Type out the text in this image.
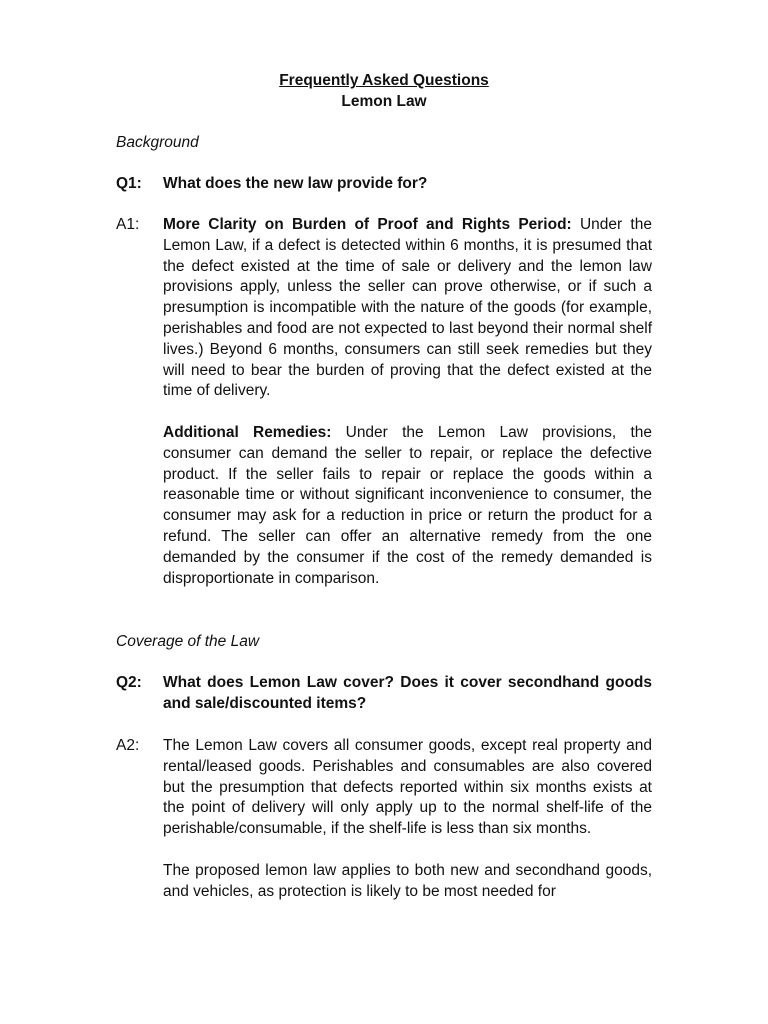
Frequently Asked Questions
Lemon Law
Background
Q1:	What does the new law provide for?
A1:	More Clarity on Burden of Proof and Rights Period: Under the Lemon Law, if a defect is detected within 6 months, it is presumed that the defect existed at the time of sale or delivery and the lemon law provisions apply, unless the seller can prove otherwise, or if such a presumption is incompatible with the nature of the goods (for example, perishables and food are not expected to last beyond their normal shelf lives.) Beyond 6 months, consumers can still seek remedies but they will need to bear the burden of proving that the defect existed at the time of delivery.

Additional Remedies: Under the Lemon Law provisions, the consumer can demand the seller to repair, or replace the defective product. If the seller fails to repair or replace the goods within a reasonable time or without significant inconvenience to consumer, the consumer may ask for a reduction in price or return the product for a refund. The seller can offer an alternative remedy from the one demanded by the consumer if the cost of the remedy demanded is disproportionate in comparison.

Coverage of the Law
Q2:	What does Lemon Law cover? Does it cover secondhand goods and sale/discounted items?
A2:	The Lemon Law covers all consumer goods, except real property and rental/leased goods. Perishables and consumables are also covered but the presumption that defects reported within six months exists at the point of delivery will only apply up to the normal shelf-life of the perishable/consumable, if the shelf-life is less than six months.

The proposed lemon law applies to both new and secondhand goods, and vehicles, as protection is likely to be most needed for
